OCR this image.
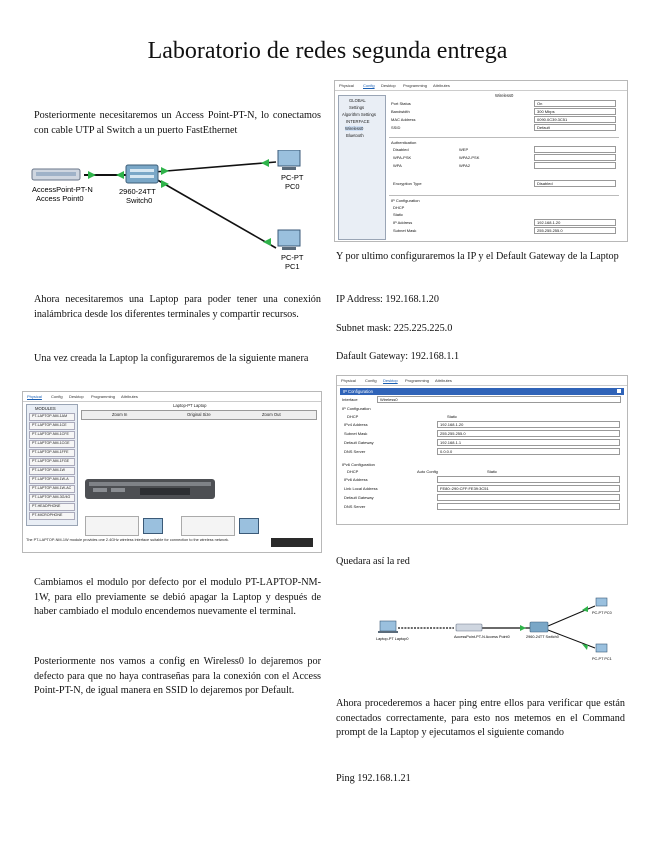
Laboratorio de redes segunda entrega

Posteriormente necesitaremos un Access Point-PT-N, lo conectamos con cable UTP al Switch a un puerto FastEthernet

AccessPoint-PT-N
Access Point0
2960-24TT
Switch0
PC-PT
PC0
PC-PT
PC1

Ahora necesitaremos una Laptop para poder tener una conexión inalámbrica desde los diferentes terminales y compartir recursos.

Una vez creada la Laptop la configuraremos de la siguiente manera

Physical Config Desktop Programming Attributes
MODULES
PT-LAPTOP-NM-1AM
PT-LAPTOP-NM-1CE
PT-LAPTOP-NM-1CFE
PT-LAPTOP-NM-1CGE
PT-LAPTOP-NM-1FFE
PT-LAPTOP-NM-1FGE
PT-LAPTOP-NM-1W
PT-LAPTOP-NM-1W-A
PT-LAPTOP-NM-1W-AC
PT-LAPTOP-NM-3G/4G
PT-HEADPHONE
PT-MICROPHONE
Laptop-PT Laptop
Zoom In	Original Size	Zoom Out
The PT-LAPTOP-NM-1W module provides one 2.4GHz wireless interface suitable for connection to the wireless network.

Cambiamos el modulo por defecto por el modulo PT-LAPTOP-NM-1W, para ello previamente se debió apagar la Laptop y después de haber cambiado el modulo encendemos nuevamente el terminal.

Posteriormente nos vamos a config en Wireless0 lo dejaremos por defecto para que no haya contraseñas para la conexión con el Access Point-PT-N, de igual manera en SSID lo dejaremos por Default.

Physical Config Desktop Programming Attributes
GLOBAL
Settings
Algorithm Settings
INTERFACE
Wireless0
Bluetooth
Wireless0
Port Status	On
Bandwidth	300 Mbps
MAC Address	0090.0C39.3C51
SSID	Default
Authentication
Disabled	WEP
WPA-PSK	WPA2-PSK
WPA	WPA2
Encryption Type	Disabled
IP Configuration
DHCP
Static
IP Address	192.168.1.20
Subnet Mask	255.255.255.0

Y por ultimo configuraremos la IP y el Default Gateway de la Laptop

IP Address: 192.168.1.20

Subnet mask: 225.225.225.0

Dafault Gateway: 192.168.1.1

Physical Config Desktop Programming Attributes
IP Configuration
Interface	Wireless0
IP Configuration
DHCP	Static
IPv4 Address	192.168.1.20
Subnet Mask	255.255.255.0
Default Gateway	192.168.1.1
DNS Server	0.0.0.0
IPv6 Configuration
DHCP	Auto Config	Static
IPv6 Address
Link Local Address	FE80::290:CFF:FE39:3C51
Default Gateway
DNS Server

Quedara así la red

Laptop-PT Laptop0	AccessPoint-PT-N Access Point0	2960-24TT Switch0
PC-PT PC0
PC-PT PC1

Ahora procederemos a hacer ping entre ellos para verificar que están conectados correctamente, para esto nos metemos en el Command prompt de la Laptop y ejecutamos el siguiente comando

Ping 192.168.1.21
